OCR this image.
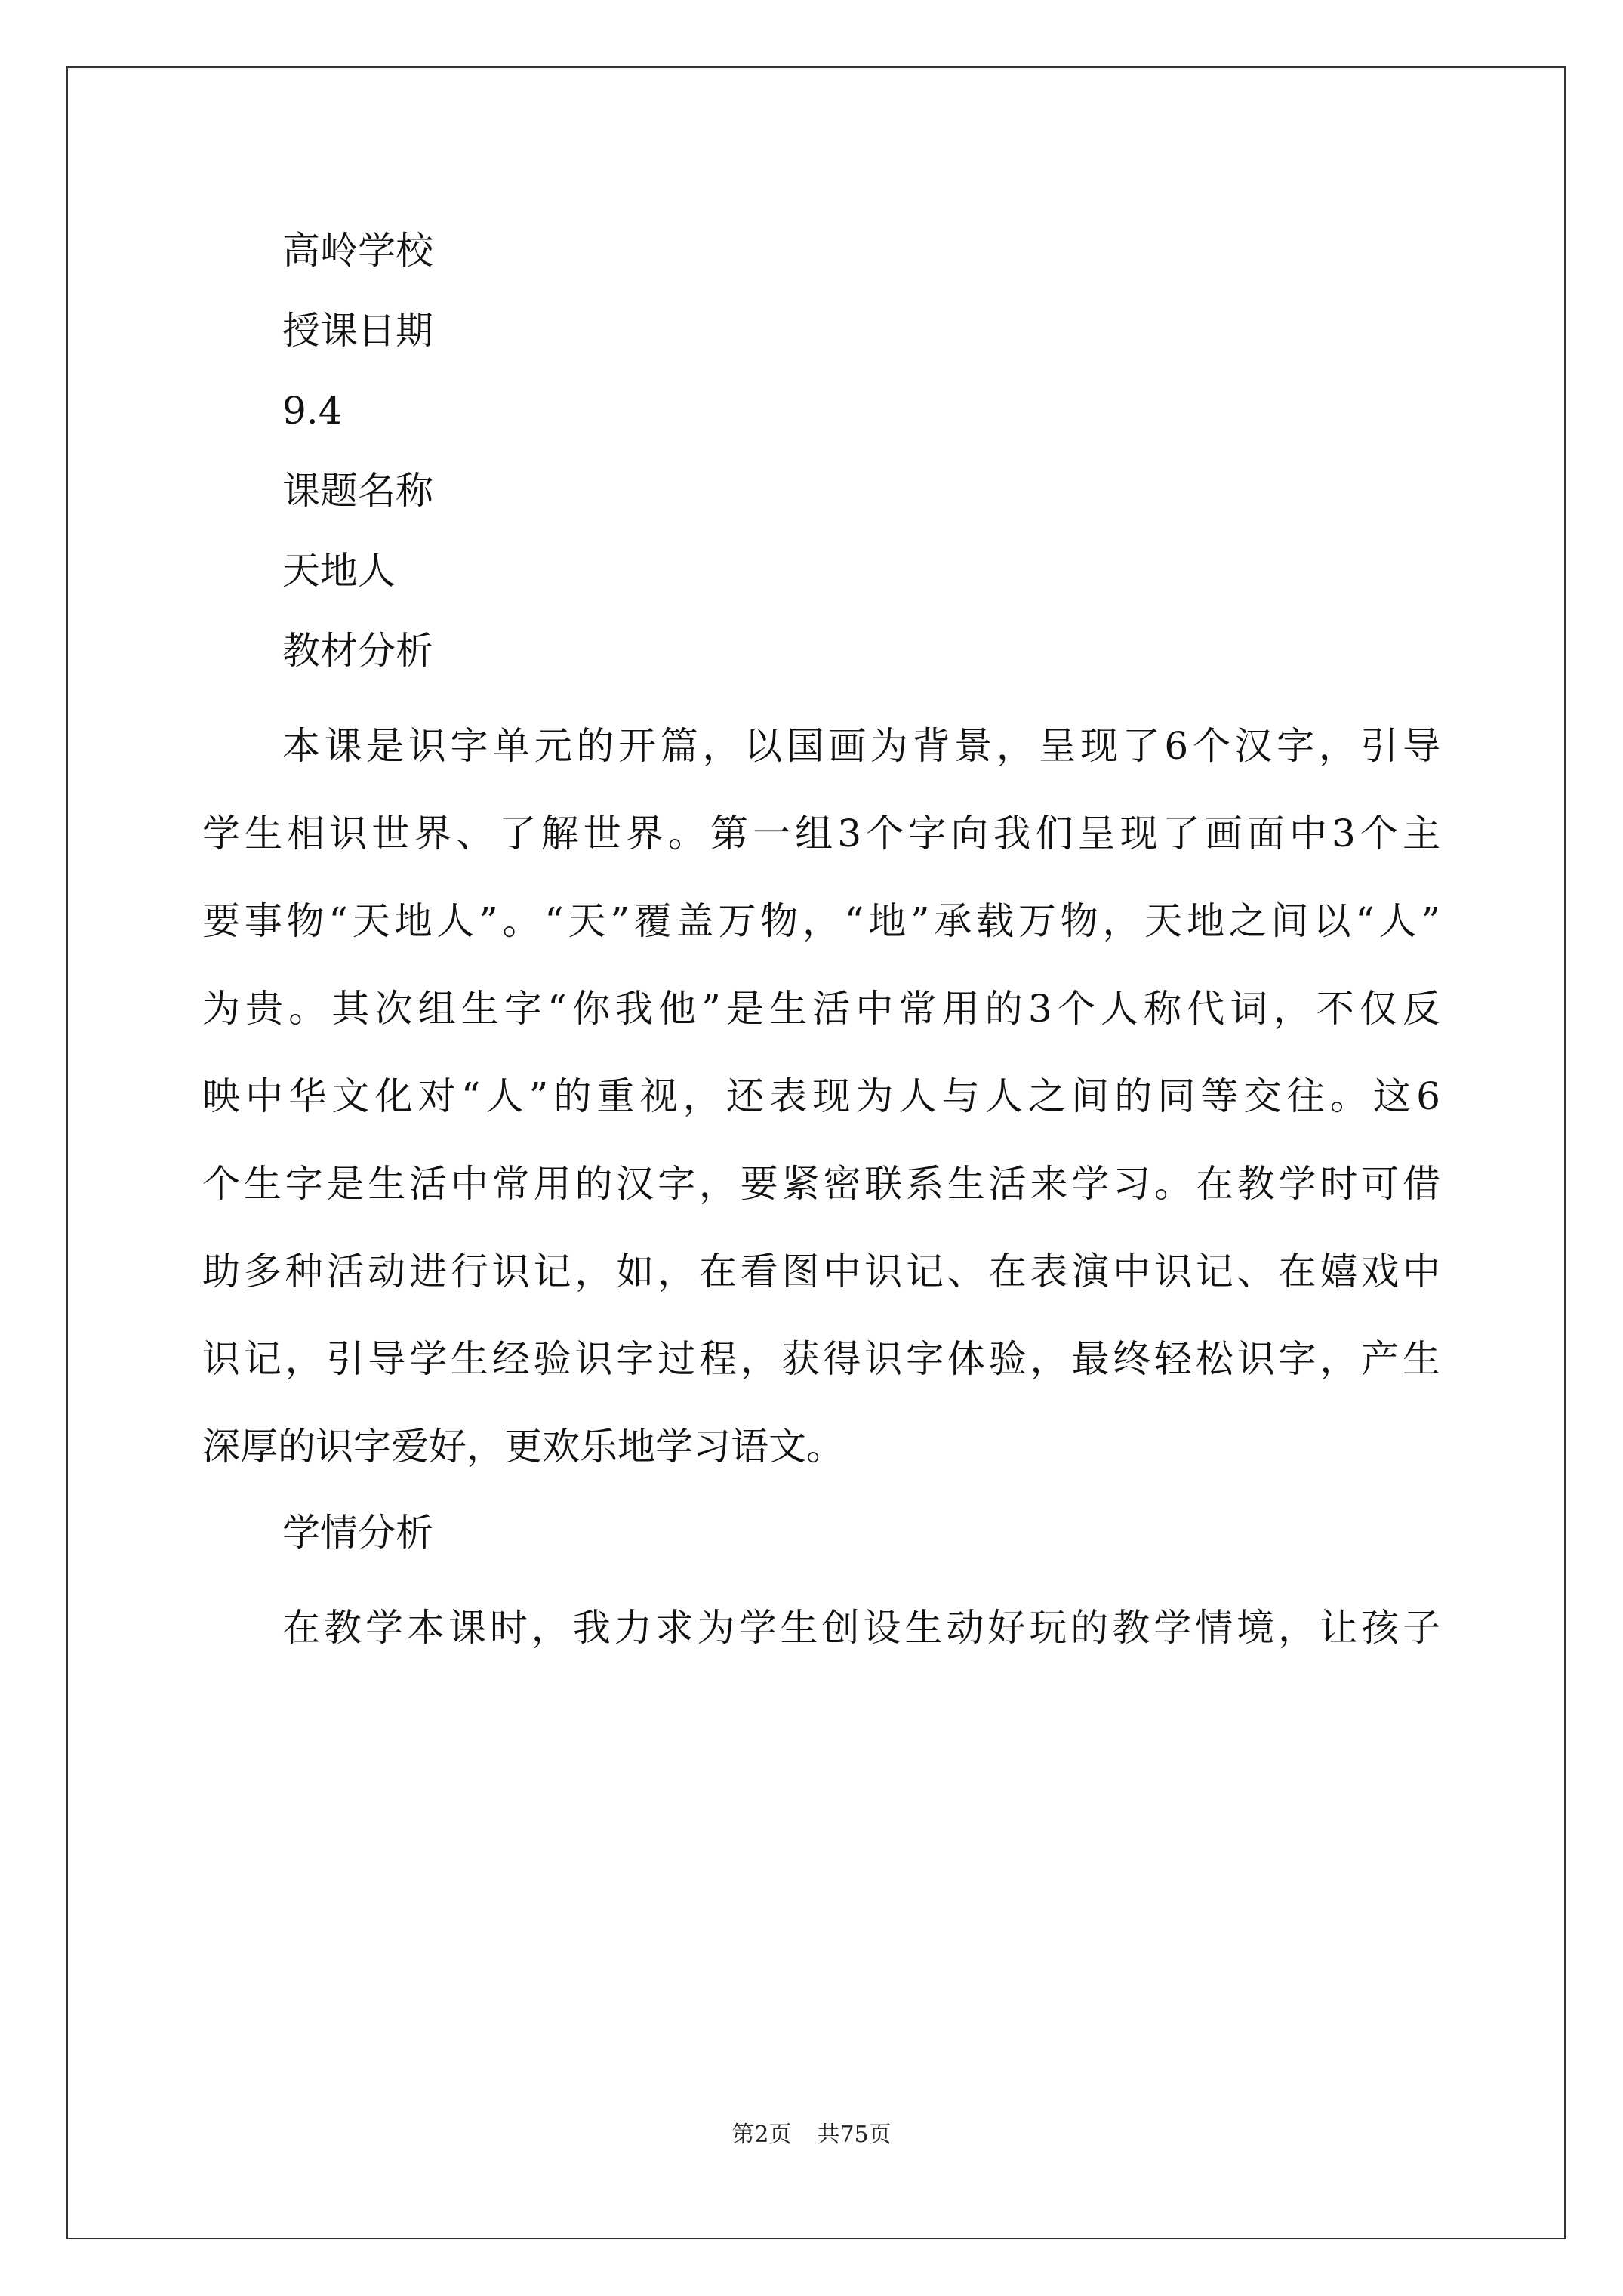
高岭学校
授课日期
9.4
课题名称
天地人
教材分析
本课是识字单元的开篇，以国画为背景，呈现了6个汉字，引导
学生相识世界、了解世界。第一组3个字向我们呈现了画面中3个主
要事物“天地人”。“天”覆盖万物，“地”承载万物，天地之间以“人”
为贵。其次组生字“你我他”是生活中常用的3个人称代词，不仅反
映中华文化对“人”的重视，还表现为人与人之间的同等交往。这6
个生字是生活中常用的汉字，要紧密联系生活来学习。在教学时可借
助多种活动进行识记，如，在看图中识记、在表演中识记、在嬉戏中
识记，引导学生经验识字过程，获得识字体验，最终轻松识字，产生
深厚的识字爱好，更欢乐地学习语文。
学情分析
在教学本课时，我力求为学生创设生动好玩的教学情境，让孩子
第2页 共75页
